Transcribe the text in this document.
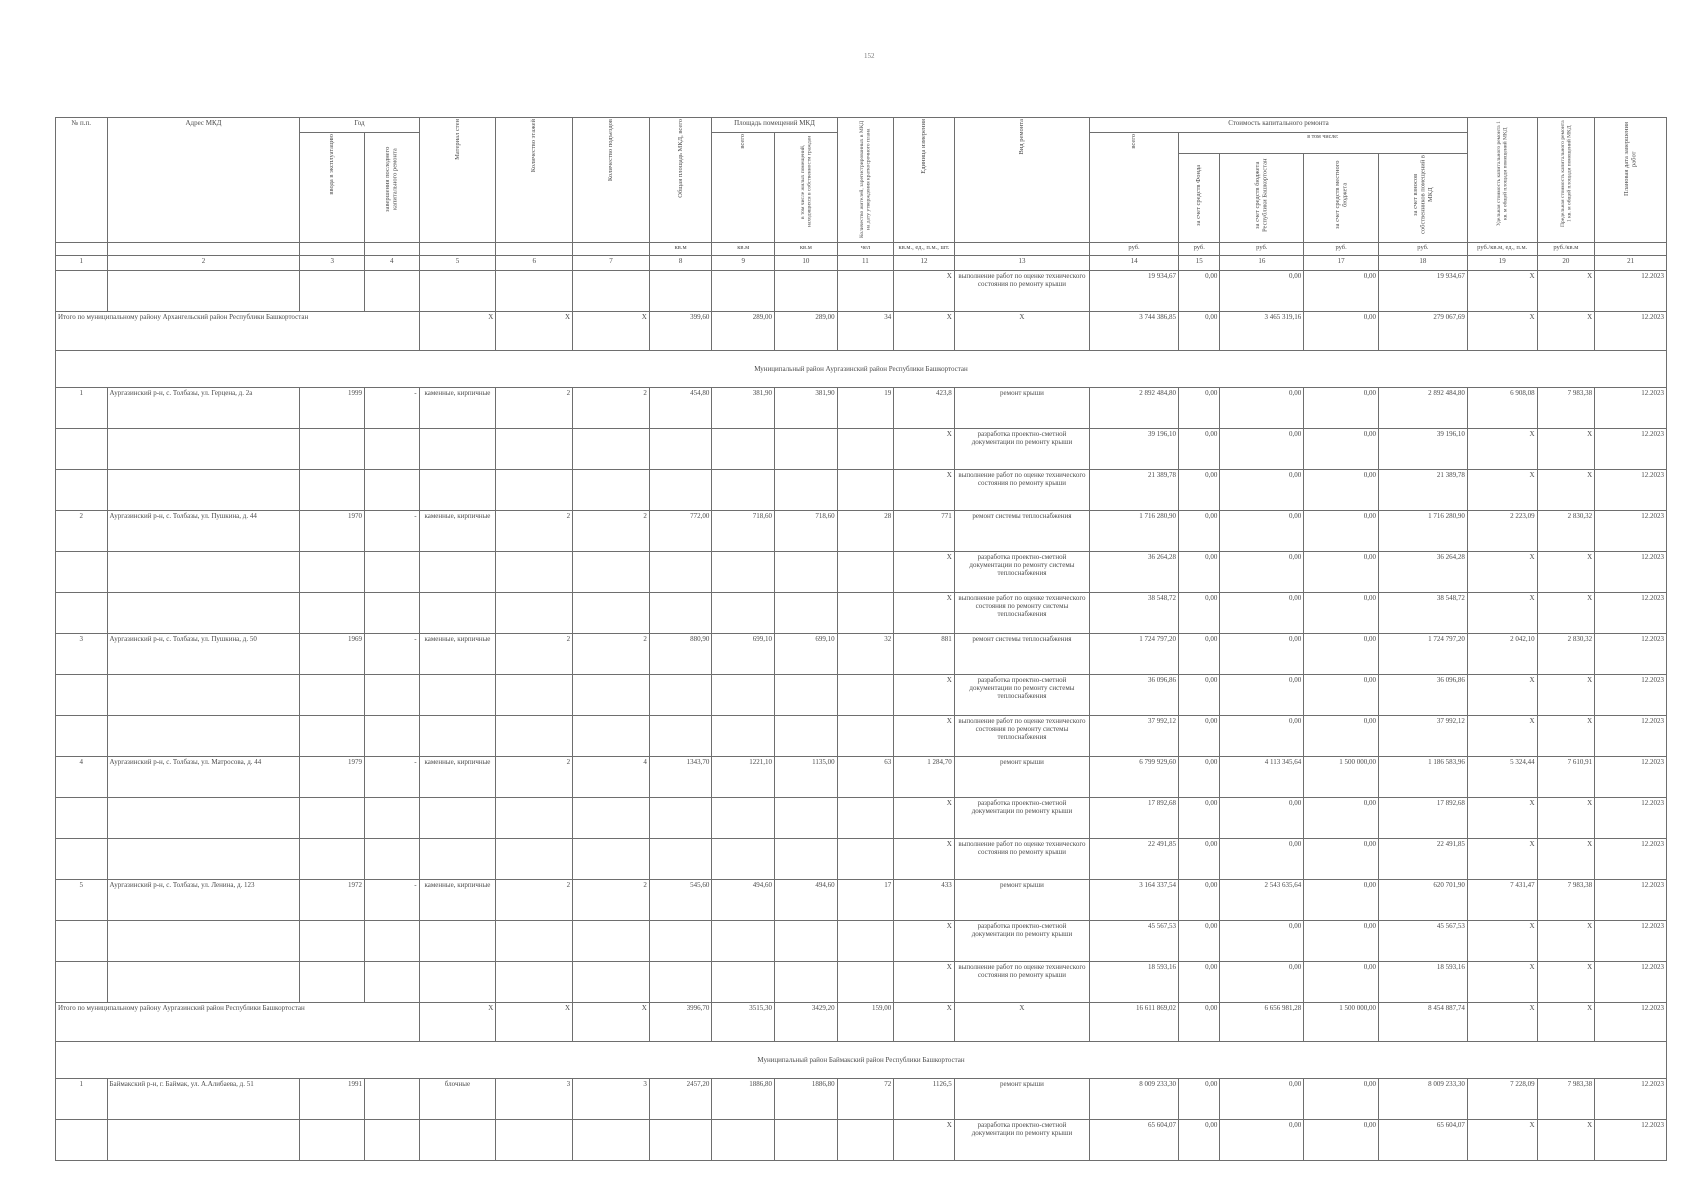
152
№ п.п.	Адрес МКД	Год		Материал стен	Количество этажей	Количество подъездов	Общая площадь МКД, всего	Площадь помещений МКД		Количество жителей, зарегистрированных в МКД на дату утверждения краткосрочного плана	Единица измерения	Вид ремонта	Стоимость капитального ремонта					Удельная стоимость капитального ремонта 1 кв. м общей площади помещений МКД	Предельная стоимость капитального ремонта 1 кв. м общей площади помещений МКД	Плановая дата завершения работ
		ввода в эксплуатацию	завершения последнего капитального ремонта					всего	в том числе жилых помещений, находящихся в собственности граждан				всего	в том числе:						
														за счет средств Фонда	за счет средств бюджета Республики Башкортостан	за счет средств местного бюджета	за счет взносов собственников помещений в МКД			
							кв.м	кв.м	кв.м	чел	кв.м., ед., п.м., шт.		руб.	руб.	руб.	руб.	руб.	руб./кв.м, ед., п.м.	руб./кв.м	
1	2	3	4	5	6	7	8	9	10	11	12	13	14	15	16	17	18	19	20	21
											X	выполнение работ по оценке технического состояния по ремонту крыши	19 934,67	0,00	0,00	0,00	19 934,67	X	X	12.2023
Итого по муниципальному району Архангельский район Республики Башкортостан				X	X	X	399,60	289,00	289,00	34	X	X	3 744 386,85	0,00	3 465 319,16	0,00	279 067,69	X	X	12.2023
Муниципальный район Аургазинский район Республики Башкортостан																				
1	Аургазинский р-н, с. Толбазы, ул. Герцена, д. 2а	1999	-	каменные, кирпичные	2	2	454,80	381,90	381,90	19	423,8	ремонт крыши	2 892 484,80	0,00	0,00	0,00	2 892 484,80	6 908,08	7 983,38	12.2023
											X	разработка проектно-сметной документации по ремонту крыши	39 196,10	0,00	0,00	0,00	39 196,10	X	X	12.2023
											X	выполнение работ по оценке технического состояния по ремонту крыши	21 389,78	0,00	0,00	0,00	21 389,78	X	X	12.2023
2	Аургазинский р-н, с. Толбазы, ул. Пушкина, д. 44	1970	-	каменные, кирпичные	2	2	772,00	718,60	718,60	28	771	ремонт системы теплоснабжения	1 716 280,90	0,00	0,00	0,00	1 716 280,90	2 223,09	2 830,32	12.2023
											X	разработка проектно-сметной документации по ремонту системы теплоснабжения	36 264,28	0,00	0,00	0,00	36 264,28	X	X	12.2023
											X	выполнение работ по оценке технического состояния по ремонту системы теплоснабжения	38 548,72	0,00	0,00	0,00	38 548,72	X	X	12.2023
3	Аургазинский р-н, с. Толбазы, ул. Пушкина, д. 50	1969	-	каменные, кирпичные	2	2	880,90	699,10	699,10	32	881	ремонт системы теплоснабжения	1 724 797,20	0,00	0,00	0,00	1 724 797,20	2 042,10	2 830,32	12.2023
											X	разработка проектно-сметной документации по ремонту системы теплоснабжения	36 096,86	0,00	0,00	0,00	36 096,86	X	X	12.2023
											X	выполнение работ по оценке технического состояния по ремонту системы теплоснабжения	37 992,12	0,00	0,00	0,00	37 992,12	X	X	12.2023
4	Аургазинский р-н, с. Толбазы, ул. Матросова, д. 44	1979	-	каменные, кирпичные	2	4	1343,70	1221,10	1135,00	63	1 284,70	ремонт крыши	6 799 929,60	0,00	4 113 345,64	1 500 000,00	1 186 583,96	5 324,44	7 610,91	12.2023
											X	разработка проектно-сметной документации по ремонту крыши	17 892,68	0,00	0,00	0,00	17 892,68	X	X	12.2023
											X	выполнение работ по оценке технического состояния по ремонту крыши	22 491,85	0,00	0,00	0,00	22 491,85	X	X	12.2023
5	Аургазинский р-н, с. Толбазы, ул. Ленина, д. 123	1972	-	каменные, кирпичные	2	2	545,60	494,60	494,60	17	433	ремонт крыши	3 164 337,54	0,00	2 543 635,64	0,00	620 701,90	7 431,47	7 983,38	12.2023
											X	разработка проектно-сметной документации по ремонту крыши	45 567,53	0,00	0,00	0,00	45 567,53	X	X	12.2023
											X	выполнение работ по оценке технического состояния по ремонту крыши	18 593,16	0,00	0,00	0,00	18 593,16	X	X	12.2023
Итого по муниципальному району Аургазинский район Республики Башкортостан				X	X	X	3996,70	3515,30	3429,20	159,00	X	X	16 611 869,02	0,00	6 656 981,28	1 500 000,00	8 454 887,74	X	X	12.2023
Муниципальный район Баймакский район Республики Башкортостан																				
1	Баймакский р-н, г. Баймак, ул. А.Алибаева, д. 51	1991		блочные	3	3	2457,20	1886,80	1886,80	72	1126,5	ремонт крыши	8 009 233,30	0,00	0,00	0,00	8 009 233,30	7 228,09	7 983,38	12.2023
											X	разработка проектно-сметной документации по ремонту крыши	65 604,07	0,00	0,00	0,00	65 604,07	X	X	12.2023
